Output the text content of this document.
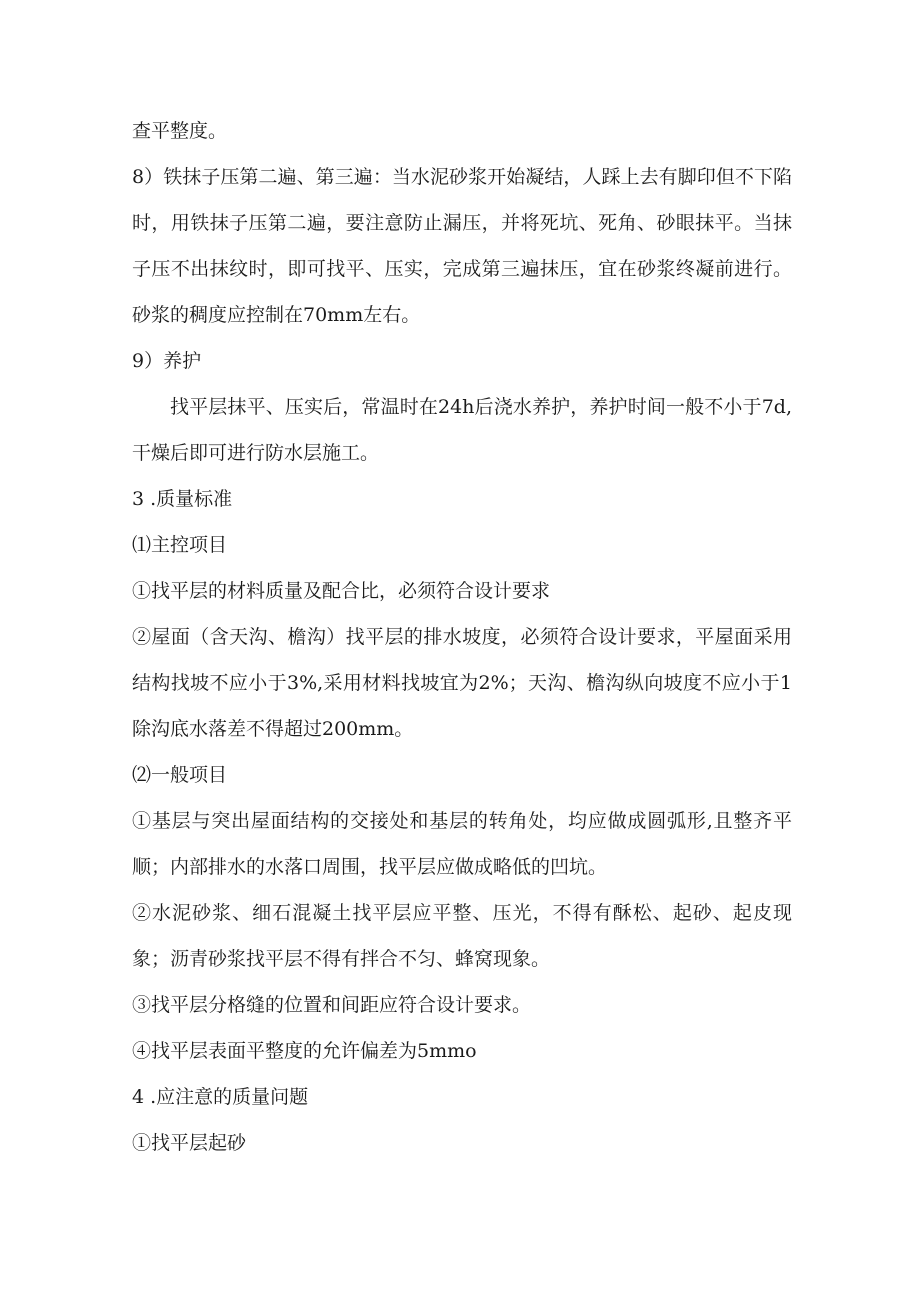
查平整度。

8）铁抹子压第二遍、第三遍：当水泥砂浆开始凝结，人踩上去有脚印但不下陷时，用铁抹子压第二遍，要注意防止漏压，并将死坑、死角、砂眼抹平。当抹子压不出抹纹时，即可找平、压实，完成第三遍抹压，宜在砂浆终凝前进行。砂浆的稠度应控制在70mm左右。

9）养护

找平层抹平、压实后，常温时在24h后浇水养护，养护时间一般不小于7d,干燥后即可进行防水层施工。

3 .质量标准

⑴主控项目

①找平层的材料质量及配合比，必须符合设计要求

②屋面（含天沟、檐沟）找平层的排水坡度，必须符合设计要求，平屋面采用结构找坡不应小于3%,采用材料找坡宜为2%；天沟、檐沟纵向坡度不应小于1除沟底水落差不得超过200mm。

⑵一般项目

①基层与突出屋面结构的交接处和基层的转角处，均应做成圆弧形,且整齐平顺；内部排水的水落口周围，找平层应做成略低的凹坑。

②水泥砂浆、细石混凝土找平层应平整、压光，不得有酥松、起砂、起皮现象；沥青砂浆找平层不得有拌合不匀、蜂窝现象。

③找平层分格缝的位置和间距应符合设计要求。

④找平层表面平整度的允许偏差为5mmo

4 .应注意的质量问题

①找平层起砂
